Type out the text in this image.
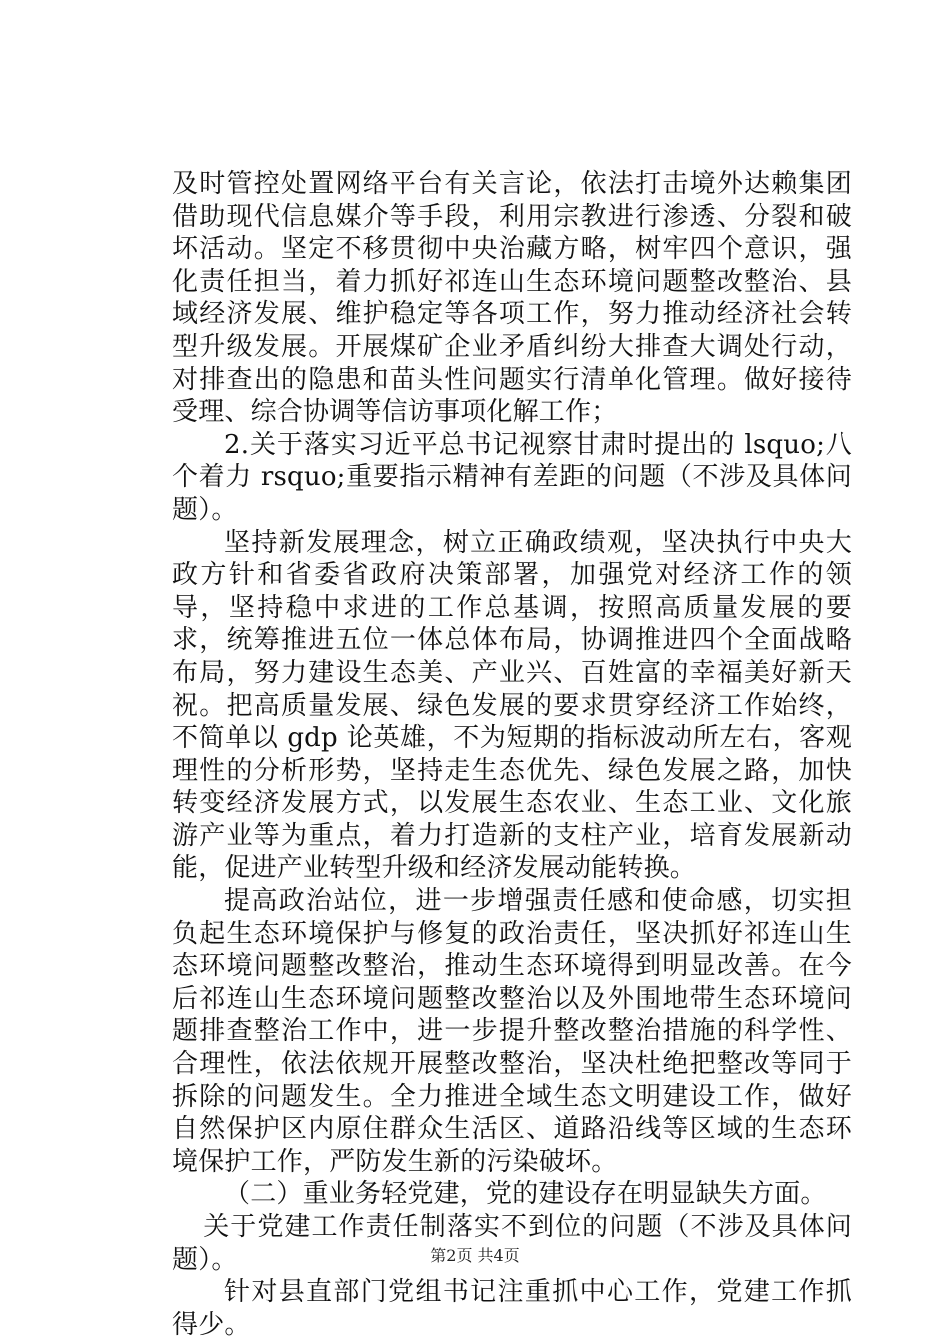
及时管控处置网络平台有关言论，依法打击境外达赖集团借助现代信息媒介等手段，利用宗教进行渗透、分裂和破坏活动。坚定不移贯彻中央治藏方略，树牢四个意识，强化责任担当，着力抓好祁连山生态环境问题整改整治、县域经济发展、维护稳定等各项工作，努力推动经济社会转型升级发展。开展煤矿企业矛盾纠纷大排查大调处行动，对排查出的隐患和苗头性问题实行清单化管理。做好接待受理、综合协调等信访事项化解工作；

2.关于落实习近平总书记视察甘肃时提出的 lsquo;八个着力 rsquo;重要指示精神有差距的问题（不涉及具体问题）。

坚持新发展理念，树立正确政绩观，坚决执行中央大政方针和省委省政府决策部署，加强党对经济工作的领导，坚持稳中求进的工作总基调，按照高质量发展的要求，统筹推进五位一体总体布局，协调推进四个全面战略布局，努力建设生态美、产业兴、百姓富的幸福美好新天祝。把高质量发展、绿色发展的要求贯穿经济工作始终，不简单以 gdp 论英雄，不为短期的指标波动所左右，客观理性的分析形势，坚持走生态优先、绿色发展之路，加快转变经济发展方式，以发展生态农业、生态工业、文化旅游产业等为重点，着力打造新的支柱产业，培育发展新动能，促进产业转型升级和经济发展动能转换。

提高政治站位，进一步增强责任感和使命感，切实担负起生态环境保护与修复的政治责任，坚决抓好祁连山生态环境问题整改整治，推动生态环境得到明显改善。在今后祁连山生态环境问题整改整治以及外围地带生态环境问题排查整治工作中，进一步提升整改整治措施的科学性、合理性，依法依规开展整改整治，坚决杜绝把整改等同于拆除的问题发生。全力推进全域生态文明建设工作，做好自然保护区内原住群众生活区、道路沿线等区域的生态环境保护工作，严防发生新的污染破坏。

（二）重业务轻党建，党的建设存在明显缺失方面。

关于党建工作责任制落实不到位的问题（不涉及具体问题）。

针对县直部门党组书记注重抓中心工作，党建工作抓得少。

第2页 共4页
